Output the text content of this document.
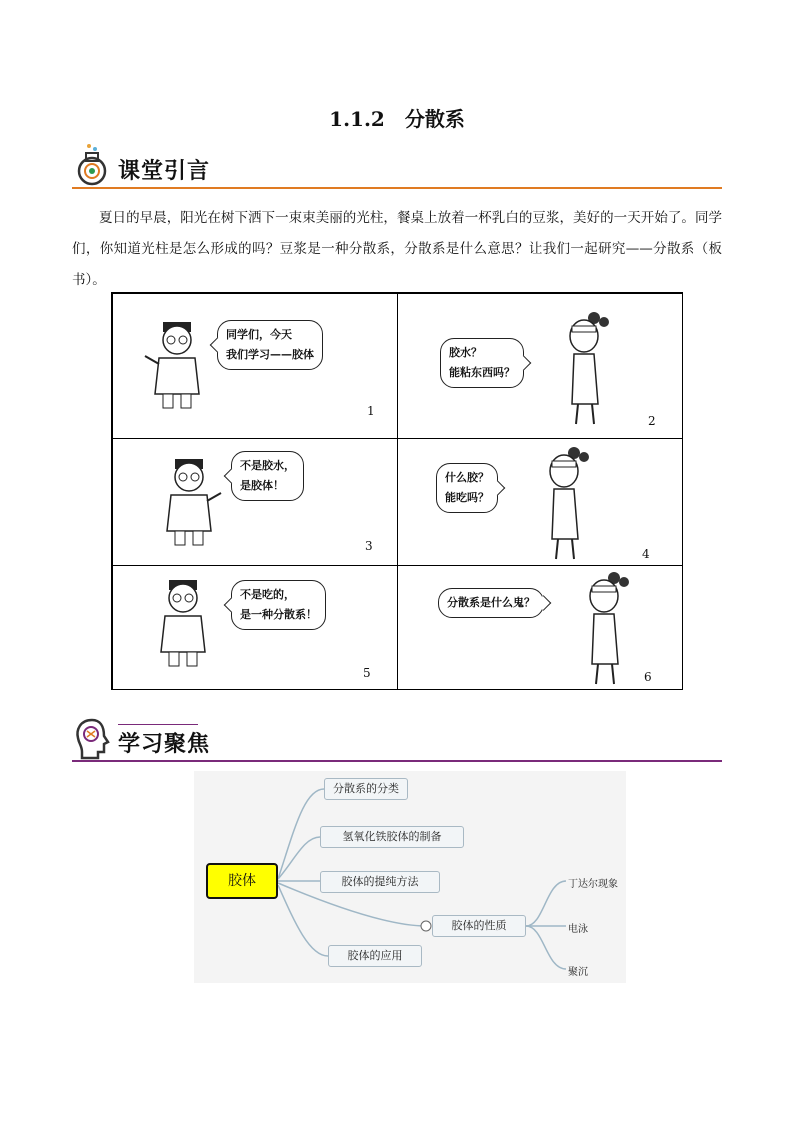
1.1.2　分散系
课堂引言
夏日的早晨，阳光在树下洒下一束束美丽的光柱，餐桌上放着一杯乳白的豆浆，美好的一天开始了。同学们，你知道光柱是怎么形成的吗？豆浆是一种分散系，分散系是什么意思？让我们一起研究——分散系（板书）。
同学们，今天
我们学习——胶体
1
胶水？
能粘东西吗？
2
不是胶水，
是胶体！
3
什么胶？
能吃吗？
4
不是吃的，
是一种分散系！
5
分散系是什么鬼？
6
学习聚焦
胶体
分散系的分类
氢氧化铁胶体的制备
胶体的提纯方法
胶体的性质
胶体的应用
丁达尔现象
电泳
聚沉
